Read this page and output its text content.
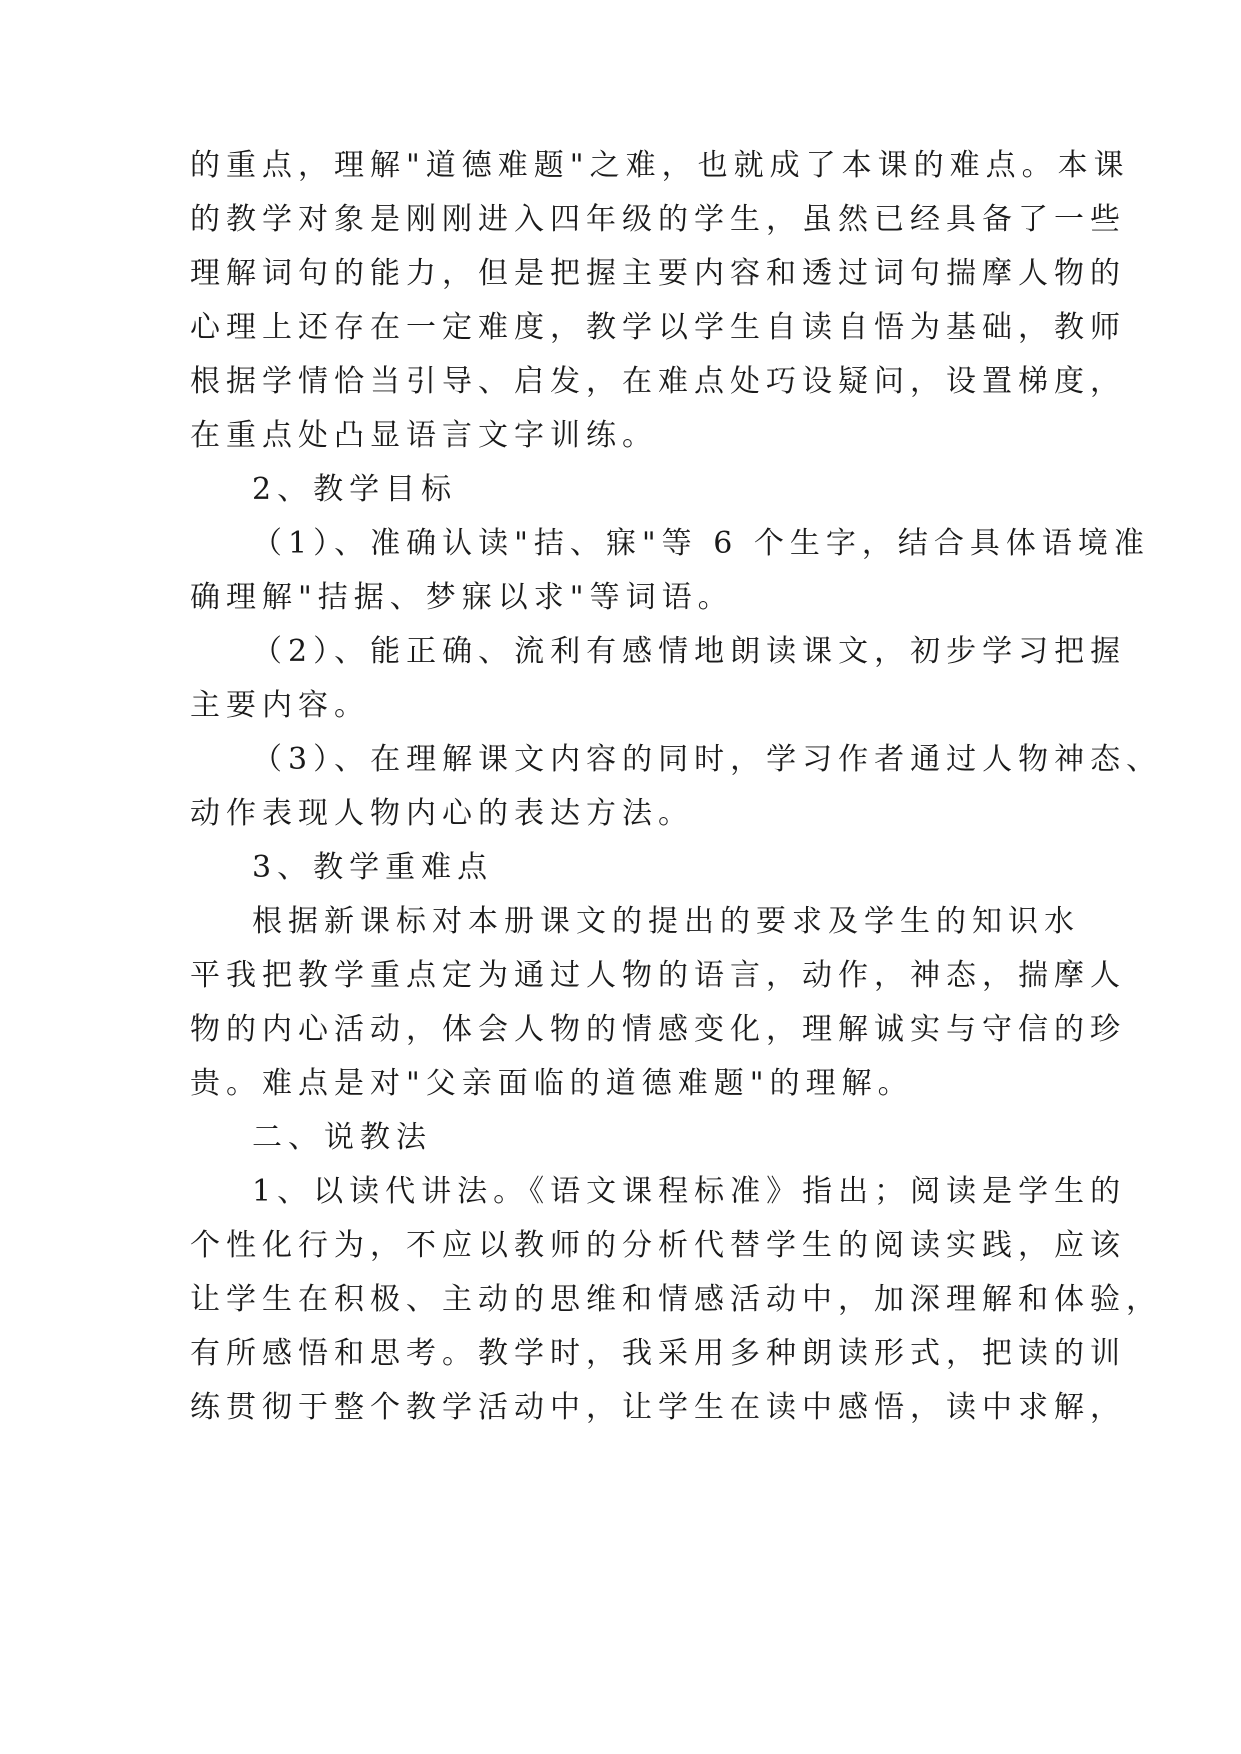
的重点，理解"道德难题"之难，也就成了本课的难点。本课
的教学对象是刚刚进入四年级的学生，虽然已经具备了一些
理解词句的能力，但是把握主要内容和透过词句揣摩人物的
心理上还存在一定难度，教学以学生自读自悟为基础，教师
根据学情恰当引导、启发，在难点处巧设疑问，设置梯度，
在重点处凸显语言文字训练。
2、教学目标
（1）、准确认读"拮、寐"等 6 个生字，结合具体语境准
确理解"拮据、梦寐以求"等词语。
（2）、能正确、流利有感情地朗读课文，初步学习把握
主要内容。
（3）、在理解课文内容的同时，学习作者通过人物神态、
动作表现人物内心的表达方法。
3、教学重难点
根据新课标对本册课文的提出的要求及学生的知识水
平我把教学重点定为通过人物的语言，动作，神态，揣摩人
物的内心活动，体会人物的情感变化，理解诚实与守信的珍
贵。难点是对"父亲面临的道德难题"的理解。
二、说教法
1、以读代讲法。《语文课程标准》指出；阅读是学生的
个性化行为，不应以教师的分析代替学生的阅读实践，应该
让学生在积极、主动的思维和情感活动中，加深理解和体验，
有所感悟和思考。教学时，我采用多种朗读形式，把读的训
练贯彻于整个教学活动中，让学生在读中感悟，读中求解，
